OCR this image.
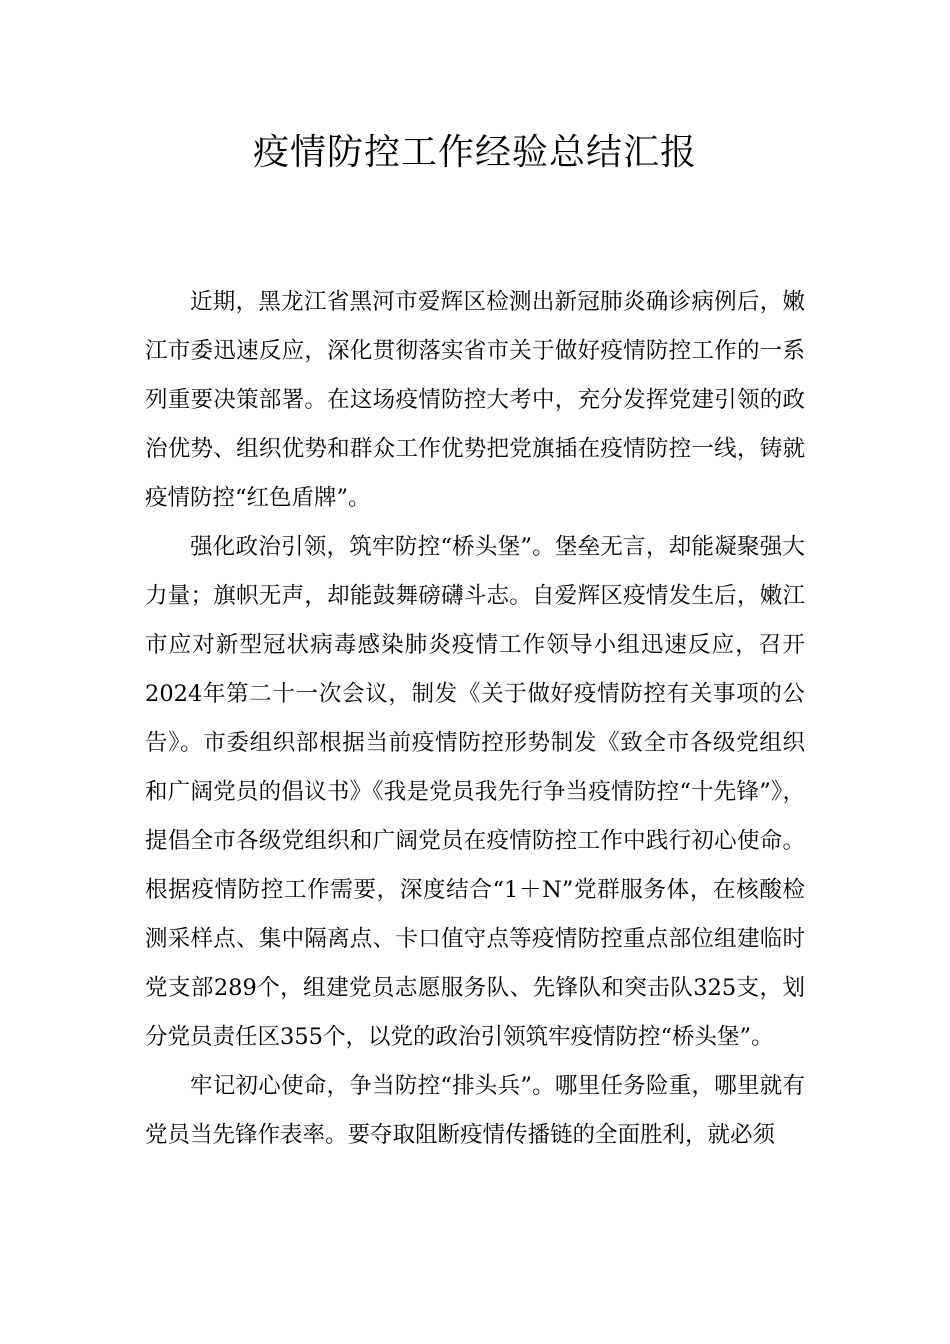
疫情防控工作经验总结汇报

近期，黑龙江省黑河市爱辉区检测出新冠肺炎确诊病例后，嫩江市委迅速反应，深化贯彻落实省市关于做好疫情防控工作的一系列重要决策部署。在这场疫情防控大考中，充分发挥党建引领的政治优势、组织优势和群众工作优势把党旗插在疫情防控一线，铸就疫情防控“红色盾牌”。

强化政治引领，筑牢防控“桥头堡”。堡垒无言，却能凝聚强大力量；旗帜无声，却能鼓舞磅礴斗志。自爱辉区疫情发生后，嫩江市应对新型冠状病毒感染肺炎疫情工作领导小组迅速反应，召开2024年第二十一次会议，制发《关于做好疫情防控有关事项的公告》。市委组织部根据当前疫情防控形势制发《致全市各级党组织和广阔党员的倡议书》《我是党员我先行争当疫情防控“十先锋”》，提倡全市各级党组织和广阔党员在疫情防控工作中践行初心使命。根据疫情防控工作需要，深度结合“1＋N”党群服务体，在核酸检测采样点、集中隔离点、卡口值守点等疫情防控重点部位组建临时党支部289个，组建党员志愿服务队、先锋队和突击队325支，划分党员责任区355个，以党的政治引领筑牢疫情防控“桥头堡”。

牢记初心使命，争当防控“排头兵”。哪里任务险重，哪里就有党员当先锋作表率。要夺取阻断疫情传播链的全面胜利，就必须
